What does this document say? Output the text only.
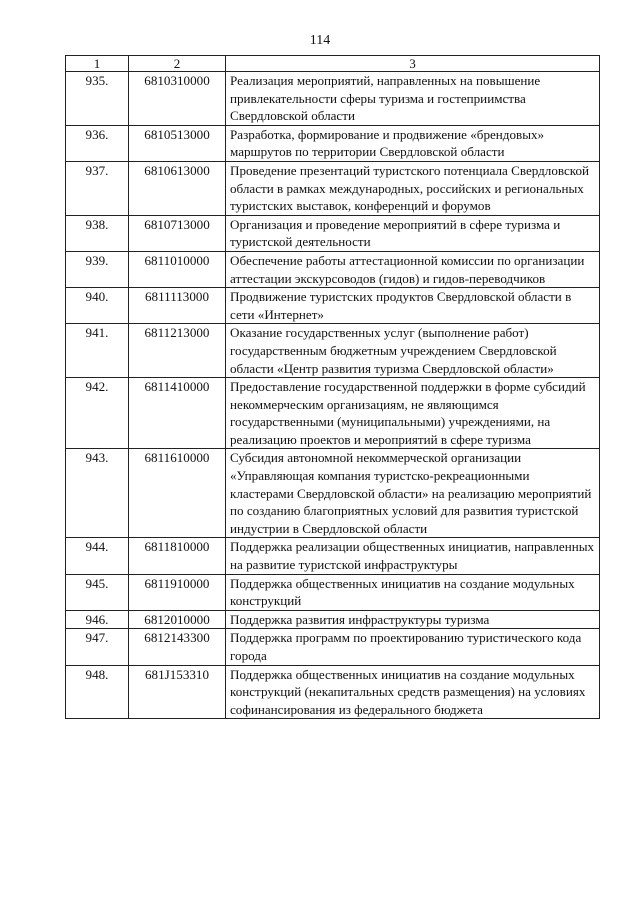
114
1	2	3
935.	6810310000	Реализация мероприятий, направленных на повышение привлекательности сферы туризма и гостеприимства Свердловской области
936.	6810513000	Разработка, формирование и продвижение «брендовых» маршрутов по территории Свердловской области
937.	6810613000	Проведение презентаций туристского потенциала Свердловской области в рамках международных, российских и региональных туристских выставок, конференций и форумов
938.	6810713000	Организация и проведение мероприятий в сфере туризма и туристской деятельности
939.	6811010000	Обеспечение работы аттестационной комиссии по организации аттестации экскурсоводов (гидов) и гидов-переводчиков
940.	6811113000	Продвижение туристских продуктов Свердловской области в сети «Интернет»
941.	6811213000	Оказание государственных услуг (выполнение работ) государственным бюджетным учреждением Свердловской области «Центр развития туризма Свердловской области»
942.	6811410000	Предоставление государственной поддержки в форме субсидий некоммерческим организациям, не являющимся государственными (муниципальными) учреждениями, на реализацию проектов и мероприятий в сфере туризма
943.	6811610000	Субсидия автономной некоммерческой организации «Управляющая компания туристско-рекреационными кластерами Свердловской области» на реализацию мероприятий по созданию благоприятных условий для развития туристской индустрии в Свердловской области
944.	6811810000	Поддержка реализации общественных инициатив, направленных на развитие туристской инфраструктуры
945.	6811910000	Поддержка общественных инициатив на создание модульных конструкций
946.	6812010000	Поддержка развития инфраструктуры туризма
947.	6812143300	Поддержка программ по проектированию туристического кода города
948.	681J153310	Поддержка общественных инициатив на создание модульных конструкций (некапитальных средств размещения) на условиях софинансирования из федерального бюджета
